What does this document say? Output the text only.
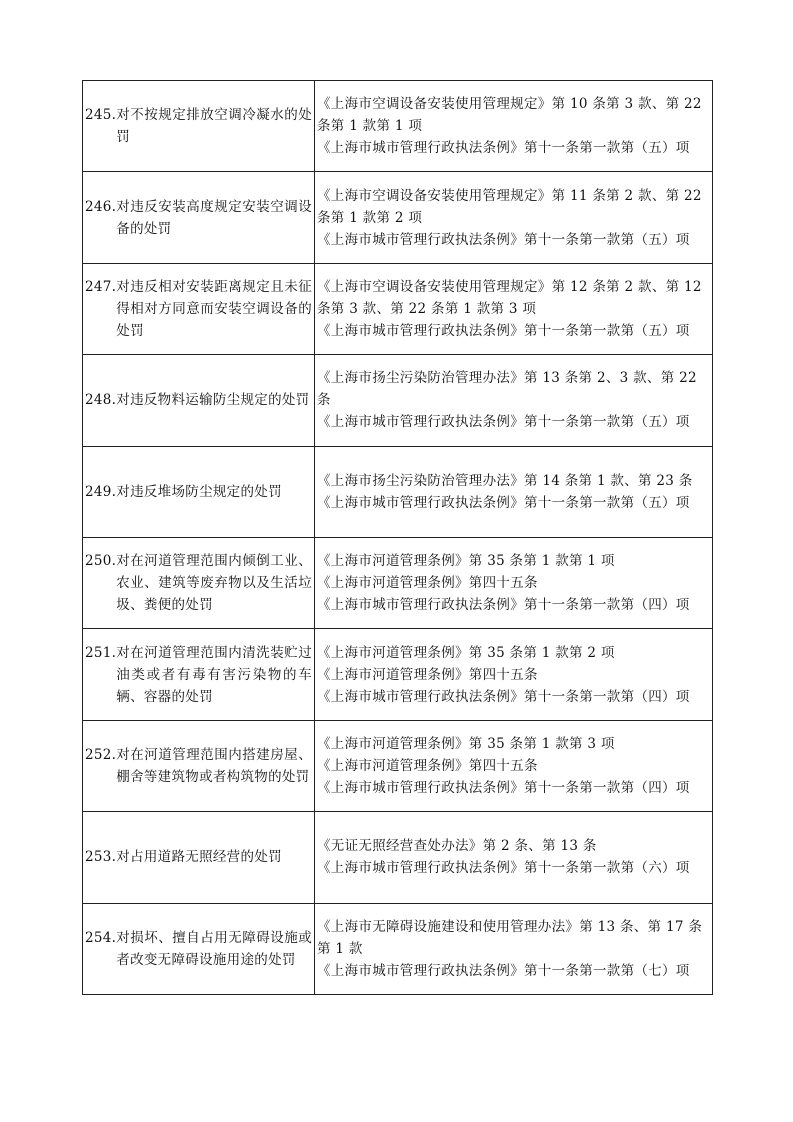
245. 对不按规定排放空调冷凝水的处罚	《上海市空调设备安装使用管理规定》第 10 条第 3 款、第 22 条第 1 款第 1 项
《上海市城市管理行政执法条例》第十一条第一款第（五）项

246. 对违反安装高度规定安装空调设备的处罚	《上海市空调设备安装使用管理规定》第 11 条第 2 款、第 22 条第 1 款第 2 项
《上海市城市管理行政执法条例》第十一条第一款第（五）项

247. 对违反相对安装距离规定且未征得相对方同意而安装空调设备的处罚	《上海市空调设备安装使用管理规定》第 12 条第 2 款、第 12 条第 3 款、第 22 条第 1 款第 3 项
《上海市城市管理行政执法条例》第十一条第一款第（五）项

248. 对违反物料运输防尘规定的处罚	《上海市扬尘污染防治管理办法》第 13 条第 2、3 款、第 22 条
《上海市城市管理行政执法条例》第十一条第一款第（五）项

249. 对违反堆场防尘规定的处罚	《上海市扬尘污染防治管理办法》第 14 条第 1 款、第 23 条
《上海市城市管理行政执法条例》第十一条第一款第（五）项

250. 对在河道管理范围内倾倒工业、农业、建筑等废弃物以及生活垃圾、粪便的处罚	《上海市河道管理条例》第 35 条第 1 款第 1 项
《上海市河道管理条例》第四十五条
《上海市城市管理行政执法条例》第十一条第一款第（四）项

251. 对在河道管理范围内清洗装贮过油类或者有毒有害污染物的车辆、容器的处罚	《上海市河道管理条例》第 35 条第 1 款第 2 项
《上海市河道管理条例》第四十五条
《上海市城市管理行政执法条例》第十一条第一款第（四）项

252. 对在河道管理范围内搭建房屋、棚舍等建筑物或者构筑物的处罚	《上海市河道管理条例》第 35 条第 1 款第 3 项
《上海市河道管理条例》第四十五条
《上海市城市管理行政执法条例》第十一条第一款第（四）项

253. 对占用道路无照经营的处罚	《无证无照经营查处办法》第 2 条、第 13 条
《上海市城市管理行政执法条例》第十一条第一款第（六）项

254. 对损坏、擅自占用无障碍设施或者改变无障碍设施用途的处罚	《上海市无障碍设施建设和使用管理办法》第 13 条、第 17 条第 1 款
《上海市城市管理行政执法条例》第十一条第一款第（七）项
